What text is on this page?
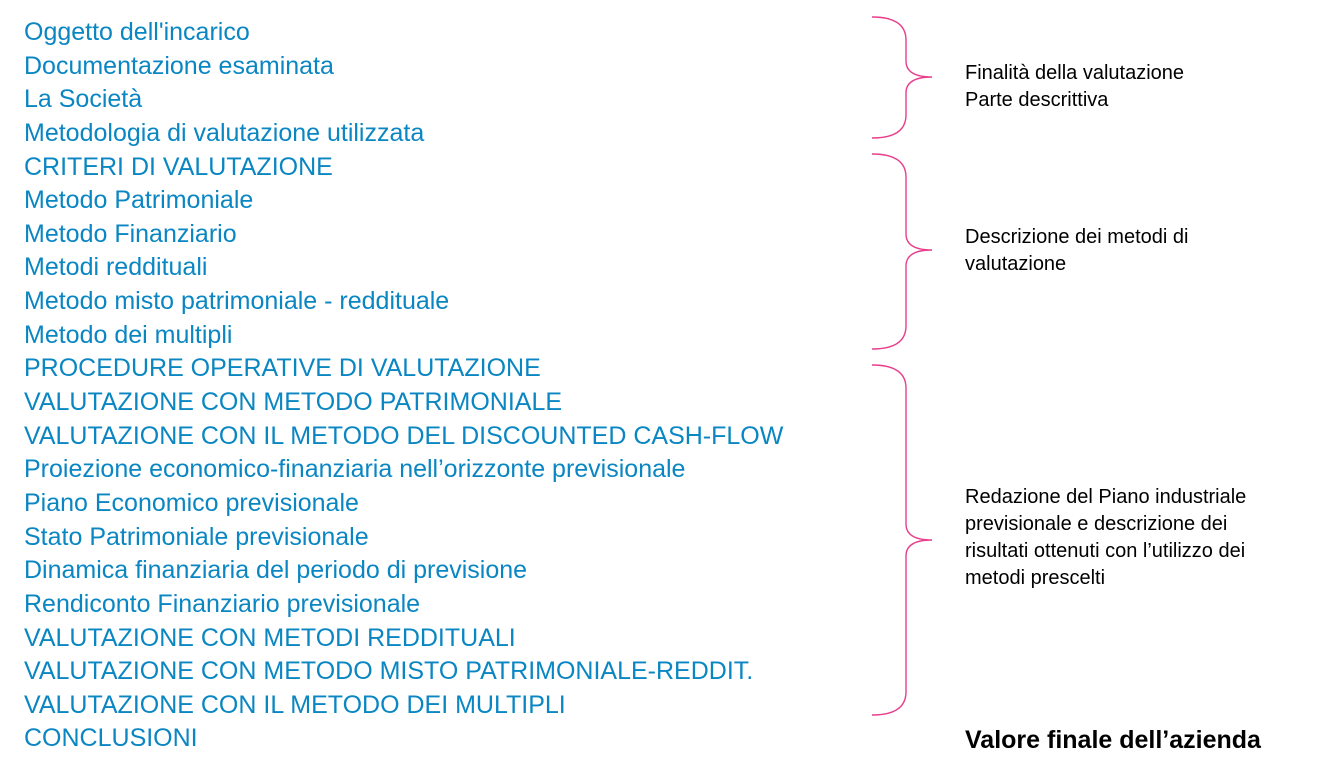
Oggetto dell'incarico
Documentazione esaminata
La Società
Metodologia di valutazione utilizzata
CRITERI DI VALUTAZIONE
Metodo Patrimoniale
Metodo Finanziario
Metodi reddituali
Metodo misto patrimoniale - reddituale
Metodo dei multipli
PROCEDURE OPERATIVE DI VALUTAZIONE
VALUTAZIONE CON METODO PATRIMONIALE
VALUTAZIONE CON IL METODO DEL DISCOUNTED CASH-FLOW
Proiezione economico-finanziaria nell’orizzonte previsionale
Piano Economico previsionale
Stato Patrimoniale previsionale
Dinamica finanziaria del periodo di previsione
Rendiconto Finanziario previsionale
VALUTAZIONE CON METODI REDDITUALI
VALUTAZIONE CON METODO MISTO PATRIMONIALE-REDDIT.
VALUTAZIONE CON IL METODO DEI MULTIPLI
CONCLUSIONI
Finalità della valutazione
Parte descrittiva
Descrizione dei metodi di
valutazione
Redazione del Piano industriale
previsionale e descrizione dei
risultati ottenuti con l’utilizzo dei
metodi prescelti
Valore finale dell’azienda
